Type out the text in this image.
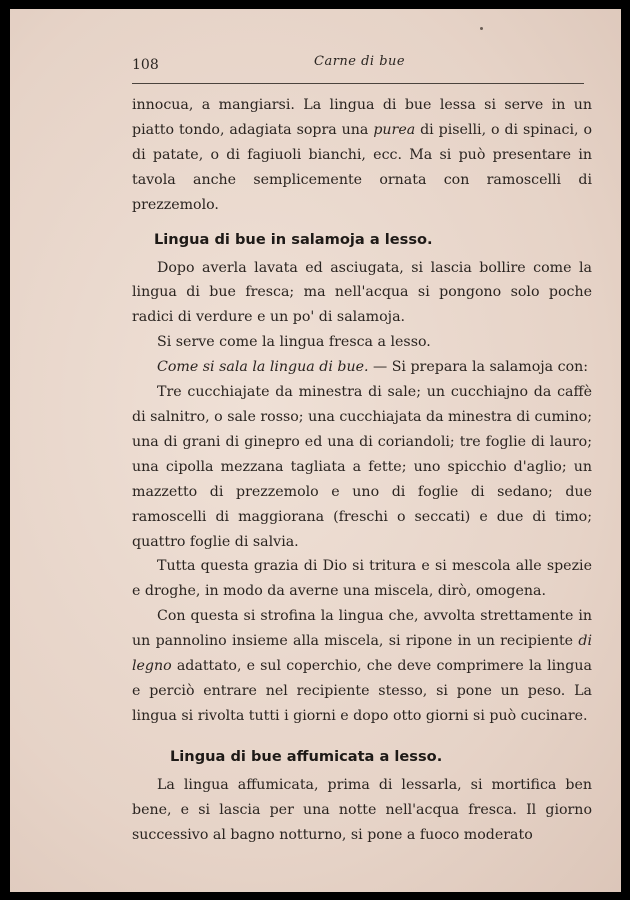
108	Carne di bue

innocua, a mangiarsi. La lingua di bue lessa si serve in un piatto tondo, adagiata sopra una purea di piselli, o di spinaci, o di patate, o di fagiuoli bianchi, ecc. Ma si può presentare in tavola anche semplicemente ornata con ramoscelli di prezzemolo.

Lingua di bue in salamoja a lesso.

Dopo averla lavata ed asciugata, si lascia bollire come la lingua di bue fresca; ma nell'acqua si pongono solo poche radici di verdure e un po' di salamoja.

Si serve come la lingua fresca a lesso.

Come si sala la lingua di bue. — Si prepara la salamoja con:

Tre cucchiajate da minestra di sale; un cucchiajno da caffè di salnitro, o sale rosso; una cucchiajata da minestra di cumino; una di grani di ginepro ed una di coriandoli; tre foglie di lauro; una cipolla mezzana tagliata a fette; uno spicchio d'aglio; un mazzetto di prezzemolo e uno di foglie di sedano; due ramoscelli di maggiorana (freschi o seccati) e due di timo; quattro foglie di salvia.

Tutta questa grazia di Dio si tritura e si mescola alle spezie e droghe, in modo da averne una miscela, dirò, omogena.

Con questa si strofina la lingua che, avvolta strettamente in un pannolino insieme alla miscela, si ripone in un recipiente di legno adattato, e sul coperchio, che deve comprimere la lingua e perciò entrare nel recipiente stesso, si pone un peso. La lingua si rivolta tutti i giorni e dopo otto giorni si può cucinare.

Lingua di bue affumicata a lesso.

La lingua affumicata, prima di lessarla, si mortifica ben bene, e si lascia per una notte nell'acqua fresca. Il giorno successivo al bagno notturno, si pone a fuoco moderato
